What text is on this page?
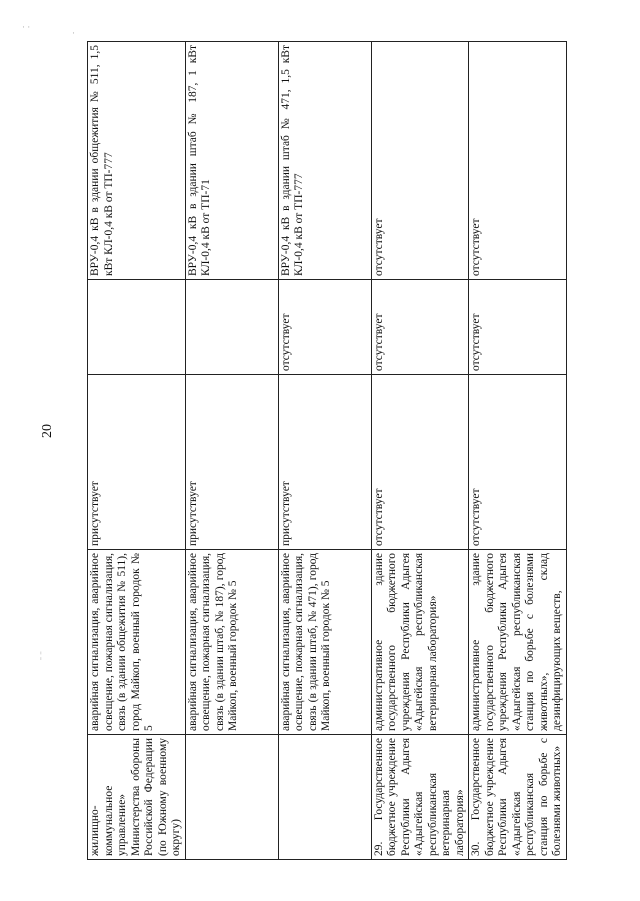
· ·
·
¦
20
жилищно-коммунальное управление» Министерства обороны Российской Федерации (по Южному военному округу)	аварийная сигнализация, аварийное освещение, пожарная сигнализация, связь (в здании общежития № 511), город Майкоп, военный городок № 5	присутствует		ВРУ-0,4 кВ в здании общежития № 511, 1,5 кВт КЛ-0,4 кВ от ТП-777
	аварийная сигнализация, аварийное освещение, пожарная сигнализация, связь (в здании штаб, № 187), город Майкоп, военный городок № 5	присутствует		ВРУ-0,4 кВ в здании штаб № 187, 1 кВт КЛ-0,4 кВ от ТП-71
	аварийная сигнализация, аварийное освещение, пожарная сигнализация, связь (в здании штаб, № 471), город Майкоп, военный городок № 5	присутствует	отсутствует	ВРУ-0,4 кВ в здании штаб № 471, 1,5 кВт КЛ-0,4 кВ от ТП-777
29. Государственное бюджетное учреждение Республики Адыгея «Адыгейская республиканская ветеринарная лаборатория»	административное здание государственного бюджетного учреждения Республики Адыгея «Адыгейская республиканская ветеринарная лаборатория»	отсутствует	отсутствует	отсутствует
30. Государственное бюджетное учреждение Республики Адыгея «Адыгейская республиканская станция по борьбе с болезнями животных»	административное здание государственного бюджетного учреждения Республики Адыгея «Адыгейская республиканская станция по борьбе с болезнями животных», склад дезинфицирующих веществ,	отсутствует	отсутствует	отсутствует
